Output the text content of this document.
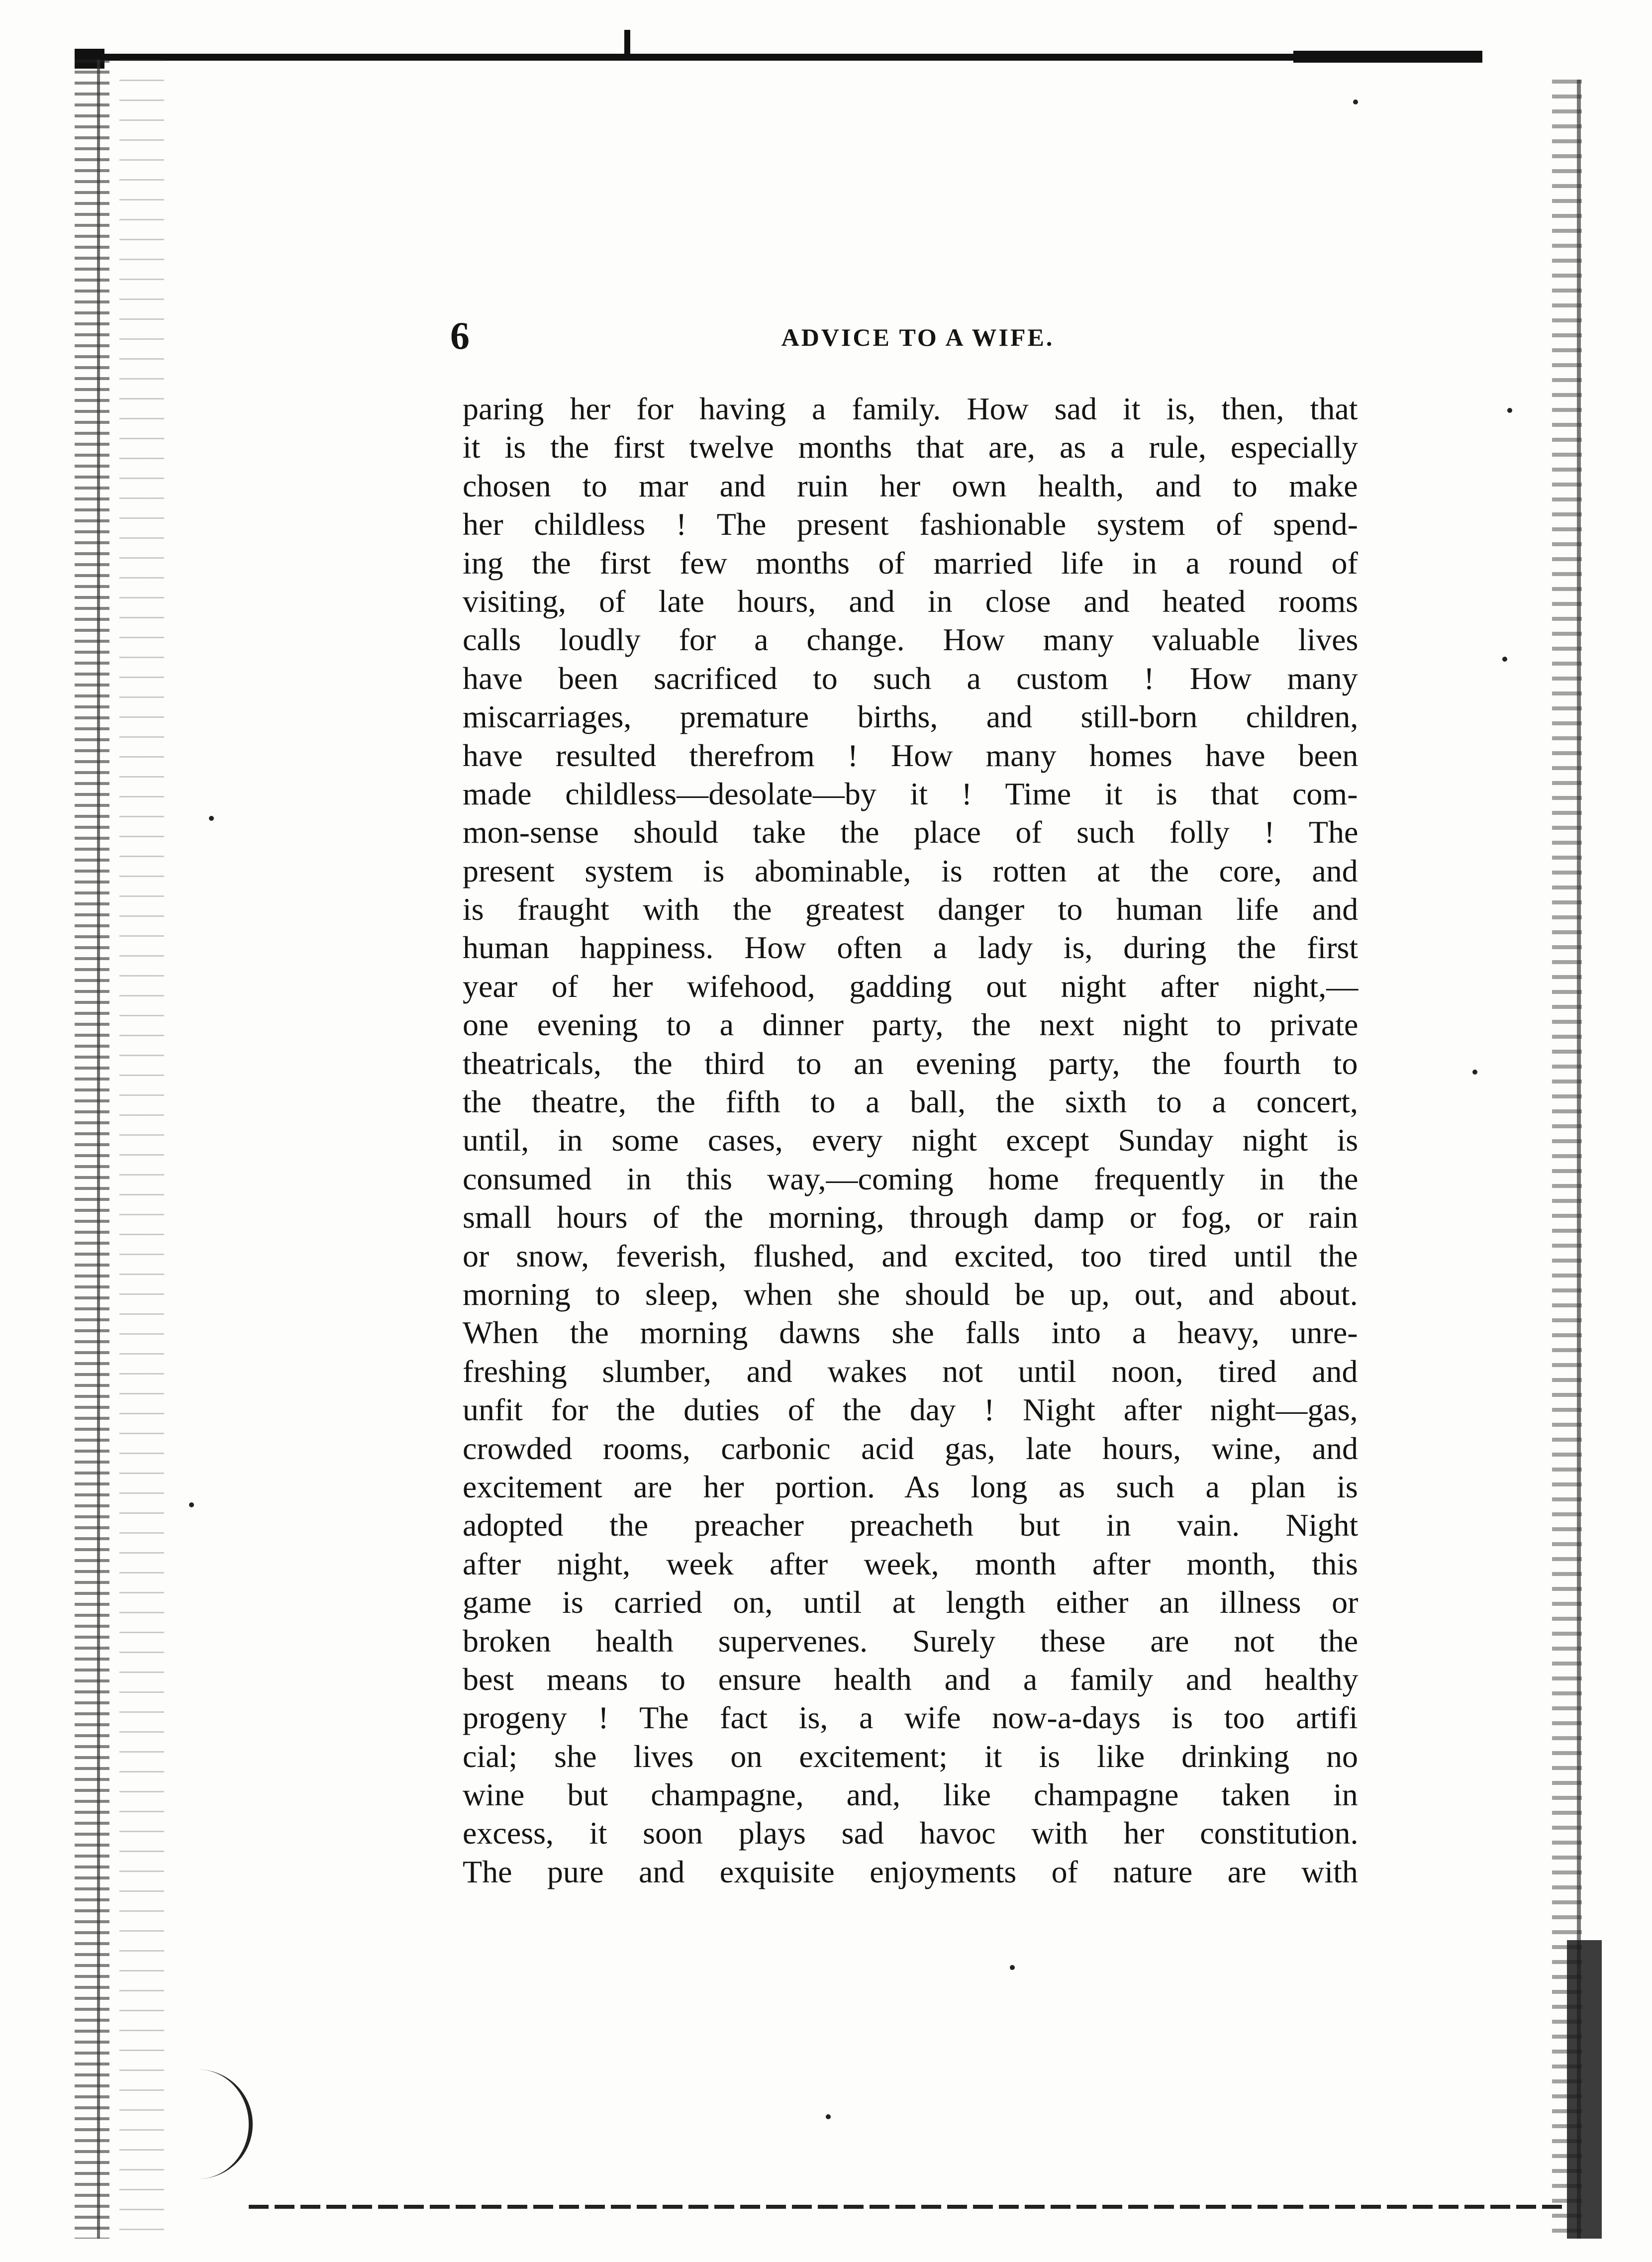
6	ADVICE TO A WIFE.
paring her for having a family. How sad it is, then, that
it is the first twelve months that are, as a rule, especially
chosen to mar and ruin her own health, and to make
her childless ! The present fashionable system of spend-
ing the first few months of married life in a round of
visiting, of late hours, and in close and heated rooms
calls loudly for a change. How many valuable lives
have been sacrificed to such a custom ! How many
miscarriages, premature births, and still-born children,
have resulted therefrom ! How many homes have been
made childless—desolate—by it ! Time it is that com-
mon-sense should take the place of such folly ! The
present system is abominable, is rotten at the core, and
is fraught with the greatest danger to human life and
human happiness. How often a lady is, during the first
year of her wifehood, gadding out night after night,—
one evening to a dinner party, the next night to private
theatricals, the third to an evening party, the fourth to
the theatre, the fifth to a ball, the sixth to a concert,
until, in some cases, every night except Sunday night is
consumed in this way,—coming home frequently in the
small hours of the morning, through damp or fog, or rain
or snow, feverish, flushed, and excited, too tired until the
morning to sleep, when she should be up, out, and about.
When the morning dawns she falls into a heavy, unre-
freshing slumber, and wakes not until noon, tired and
unfit for the duties of the day ! Night after night—gas,
crowded rooms, carbonic acid gas, late hours, wine, and
excitement are her portion. As long as such a plan is
adopted the preacher preacheth but in vain. Night
after night, week after week, month after month, this
game is carried on, until at length either an illness or
broken health supervenes. Surely these are not the
best means to ensure health and a family and healthy
progeny ! The fact is, a wife now-a-days is too artifi
cial; she lives on excitement; it is like drinking no
wine but champagne, and, like champagne taken in
excess, it soon plays sad havoc with her constitution.
The pure and exquisite enjoyments of nature are with
